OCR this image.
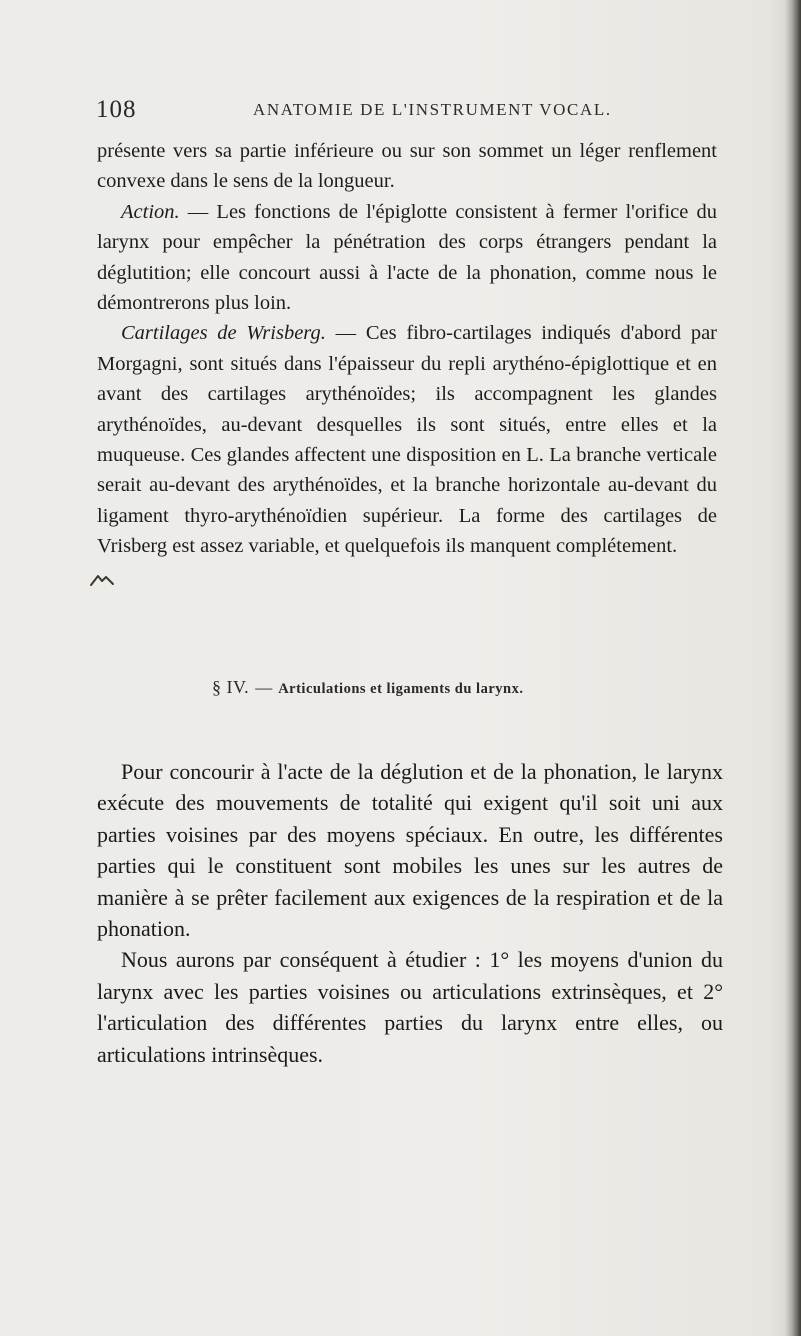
108	ANATOMIE DE L'INSTRUMENT VOCAL.

présente vers sa partie inférieure ou sur son sommet un léger renflement convexe dans le sens de la longueur.

Action. — Les fonctions de l'épiglotte consistent à fermer l'orifice du larynx pour empêcher la pénétration des corps étrangers pendant la déglutition; elle concourt aussi à l'acte de la phonation, comme nous le démontrerons plus loin.

Cartilages de Wrisberg. — Ces fibro-cartilages indiqués d'abord par Morgagni, sont situés dans l'épaisseur du repli arythéno-épiglottique et en avant des cartilages arythénoïdes; ils accompagnent les glandes arythénoïdes, au-devant desquelles ils sont situés, entre elles et la muqueuse. Ces glandes affectent une disposition en L. La branche verticale serait au-devant des arythénoïdes, et la branche horizontale au-devant du ligament thyro-arythénoïdien supérieur. La forme des cartilages de Vrisberg est assez variable, et quelquefois ils manquent complétement.

§ IV. — Articulations et ligaments du larynx.

Pour concourir à l'acte de la déglution et de la phonation, le larynx exécute des mouvements de totalité qui exigent qu'il soit uni aux parties voisines par des moyens spéciaux. En outre, les différentes parties qui le constituent sont mobiles les unes sur les autres de manière à se prêter facilement aux exigences de la respiration et de la phonation.

Nous aurons par conséquent à étudier : 1° les moyens d'union du larynx avec les parties voisines ou articulations extrinsèques, et 2° l'articulation des différentes parties du larynx entre elles, ou articulations intrinsèques.
